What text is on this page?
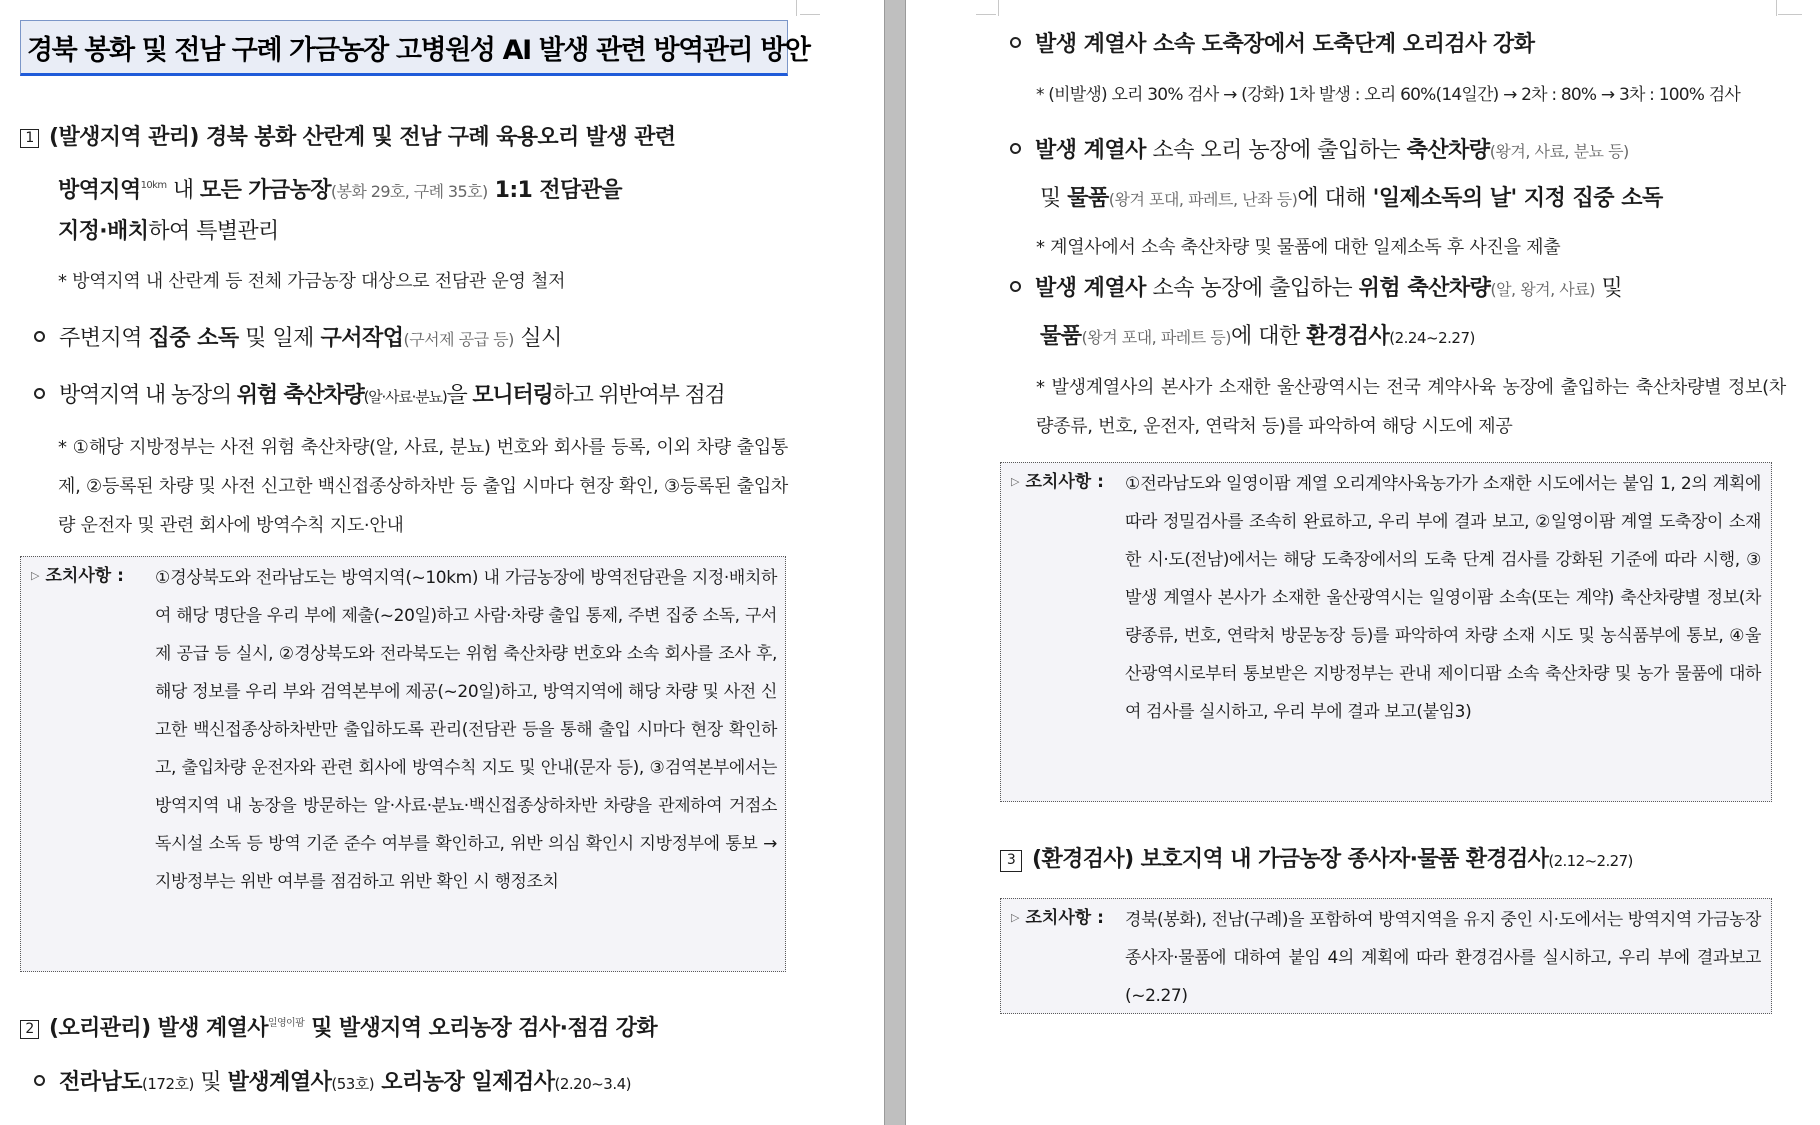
경북 봉화 및 전남 구례 가금농장 고병원성 AI 발생 관련 방역관리 방안
1 (발생지역 관리) 경북 봉화 산란계 및 전남 구례 육용오리 발생 관련
방역지역$^{10km}$ 내 모든 가금농장(봉화 29호, 구례 35호) 1:1 전담관을
지정·배치하여 특별관리
* 방역지역 내 산란계 등 전체 가금농장 대상으로 전담관 운영 철저
주변지역 집중 소독 및 일제 구서작업(구서제 공급 등) 실시
방역지역 내 농장의 위험 축산차량(알·사료·분뇨)을 모니터링하고 위반여부 점검
* ①해당 지방정부는 사전 위험 축산차량(알, 사료, 분뇨) 번호와 회사를 등록, 이외 차량 출입통제, ②등록된 차량 및 사전 신고한 백신접종상하차반 등 출입 시마다 현장 확인, ③등록된 출입차량 운전자 및 관련 회사에 방역수칙 지도·안내
▷ 조치사항 : ①경상북도와 전라남도는 방역지역(~10km) 내 가금농장에 방역전담관을 지정·배치하여 해당 명단을 우리 부에 제출(~20일)하고 사람·차량 출입 통제, 주변 집중 소독, 구서제 공급 등 실시, ②경상북도와 전라북도는 위험 축산차량 번호와 소속 회사를 조사 후, 해당 정보를 우리 부와 검역본부에 제공(~20일)하고, 방역지역에 해당 차량 및 사전 신고한 백신접종상하차반만 출입하도록 관리(전담관 등을 통해 출입 시마다 현장 확인하고, 출입차량 운전자와 관련 회사에 방역수칙 지도 및 안내(문자 등), ③검역본부에서는 방역지역 내 농장을 방문하는 알·사료·분뇨·백신접종상하차반 차량을 관제하여 거점소독시설 소독 등 방역 기준 준수 여부를 확인하고, 위반 의심 확인시 지방정부에 통보 → 지방정부는 위반 여부를 점검하고 위반 확인 시 행정조치
2 (오리관리) 발생 계열사$^{일영이팜}$ 및 발생지역 오리농장 검사·점검 강화
전라남도(172호) 및 발생계열사(53호) 오리농장 일제검사(2.20~3.4)
발생 계열사 소속 도축장에서 도축단계 오리검사 강화
* (비발생) 오리 30% 검사 → (강화) 1차 발생 : 오리 60%(14일간) → 2차 : 80% → 3차 : 100% 검사
발생 계열사 소속 오리 농장에 출입하는 축산차량(왕겨, 사료, 분뇨 등)
및 물품(왕겨 포대, 파레트, 난좌 등)에 대해 '일제소독의 날' 지정 집중 소독
* 계열사에서 소속 축산차량 및 물품에 대한 일제소독 후 사진을 제출
발생 계열사 소속 농장에 출입하는 위험 축산차량(알, 왕겨, 사료) 및
물품(왕겨 포대, 파레트 등)에 대한 환경검사(2.24~2.27)
* 발생계열사의 본사가 소재한 울산광역시는 전국 계약사육 농장에 출입하는 축산차량별 정보(차량종류, 번호, 운전자, 연락처 등)를 파악하여 해당 시도에 제공
▷ 조치사항 : ①전라남도와 일영이팜 계열 오리계약사육농가가 소재한 시도에서는 붙임 1, 2의 계획에 따라 정밀검사를 조속히 완료하고, 우리 부에 결과 보고, ②일영이팜 계열 도축장이 소재한 시·도(전남)에서는 해당 도축장에서의 도축 단계 검사를 강화된 기준에 따라 시행, ③발생 계열사 본사가 소재한 울산광역시는 일영이팜 소속(또는 계약) 축산차량별 정보(차량종류, 번호, 연락처 방문농장 등)를 파악하여 차량 소재 시도 및 농식품부에 통보, ④울산광역시로부터 통보받은 지방정부는 관내 제이디팜 소속 축산차량 및 농가 물품에 대하여 검사를 실시하고, 우리 부에 결과 보고(붙임3)
3 (환경검사) 보호지역 내 가금농장 종사자·물품 환경검사(2.12~2.27)
▷ 조치사항 : 경북(봉화), 전남(구례)을 포함하여 방역지역을 유지 중인 시·도에서는 방역지역 가금농장 종사자·물품에 대하여 붙임 4의 계획에 따라 환경검사를 실시하고, 우리 부에 결과보고(~2.27)
